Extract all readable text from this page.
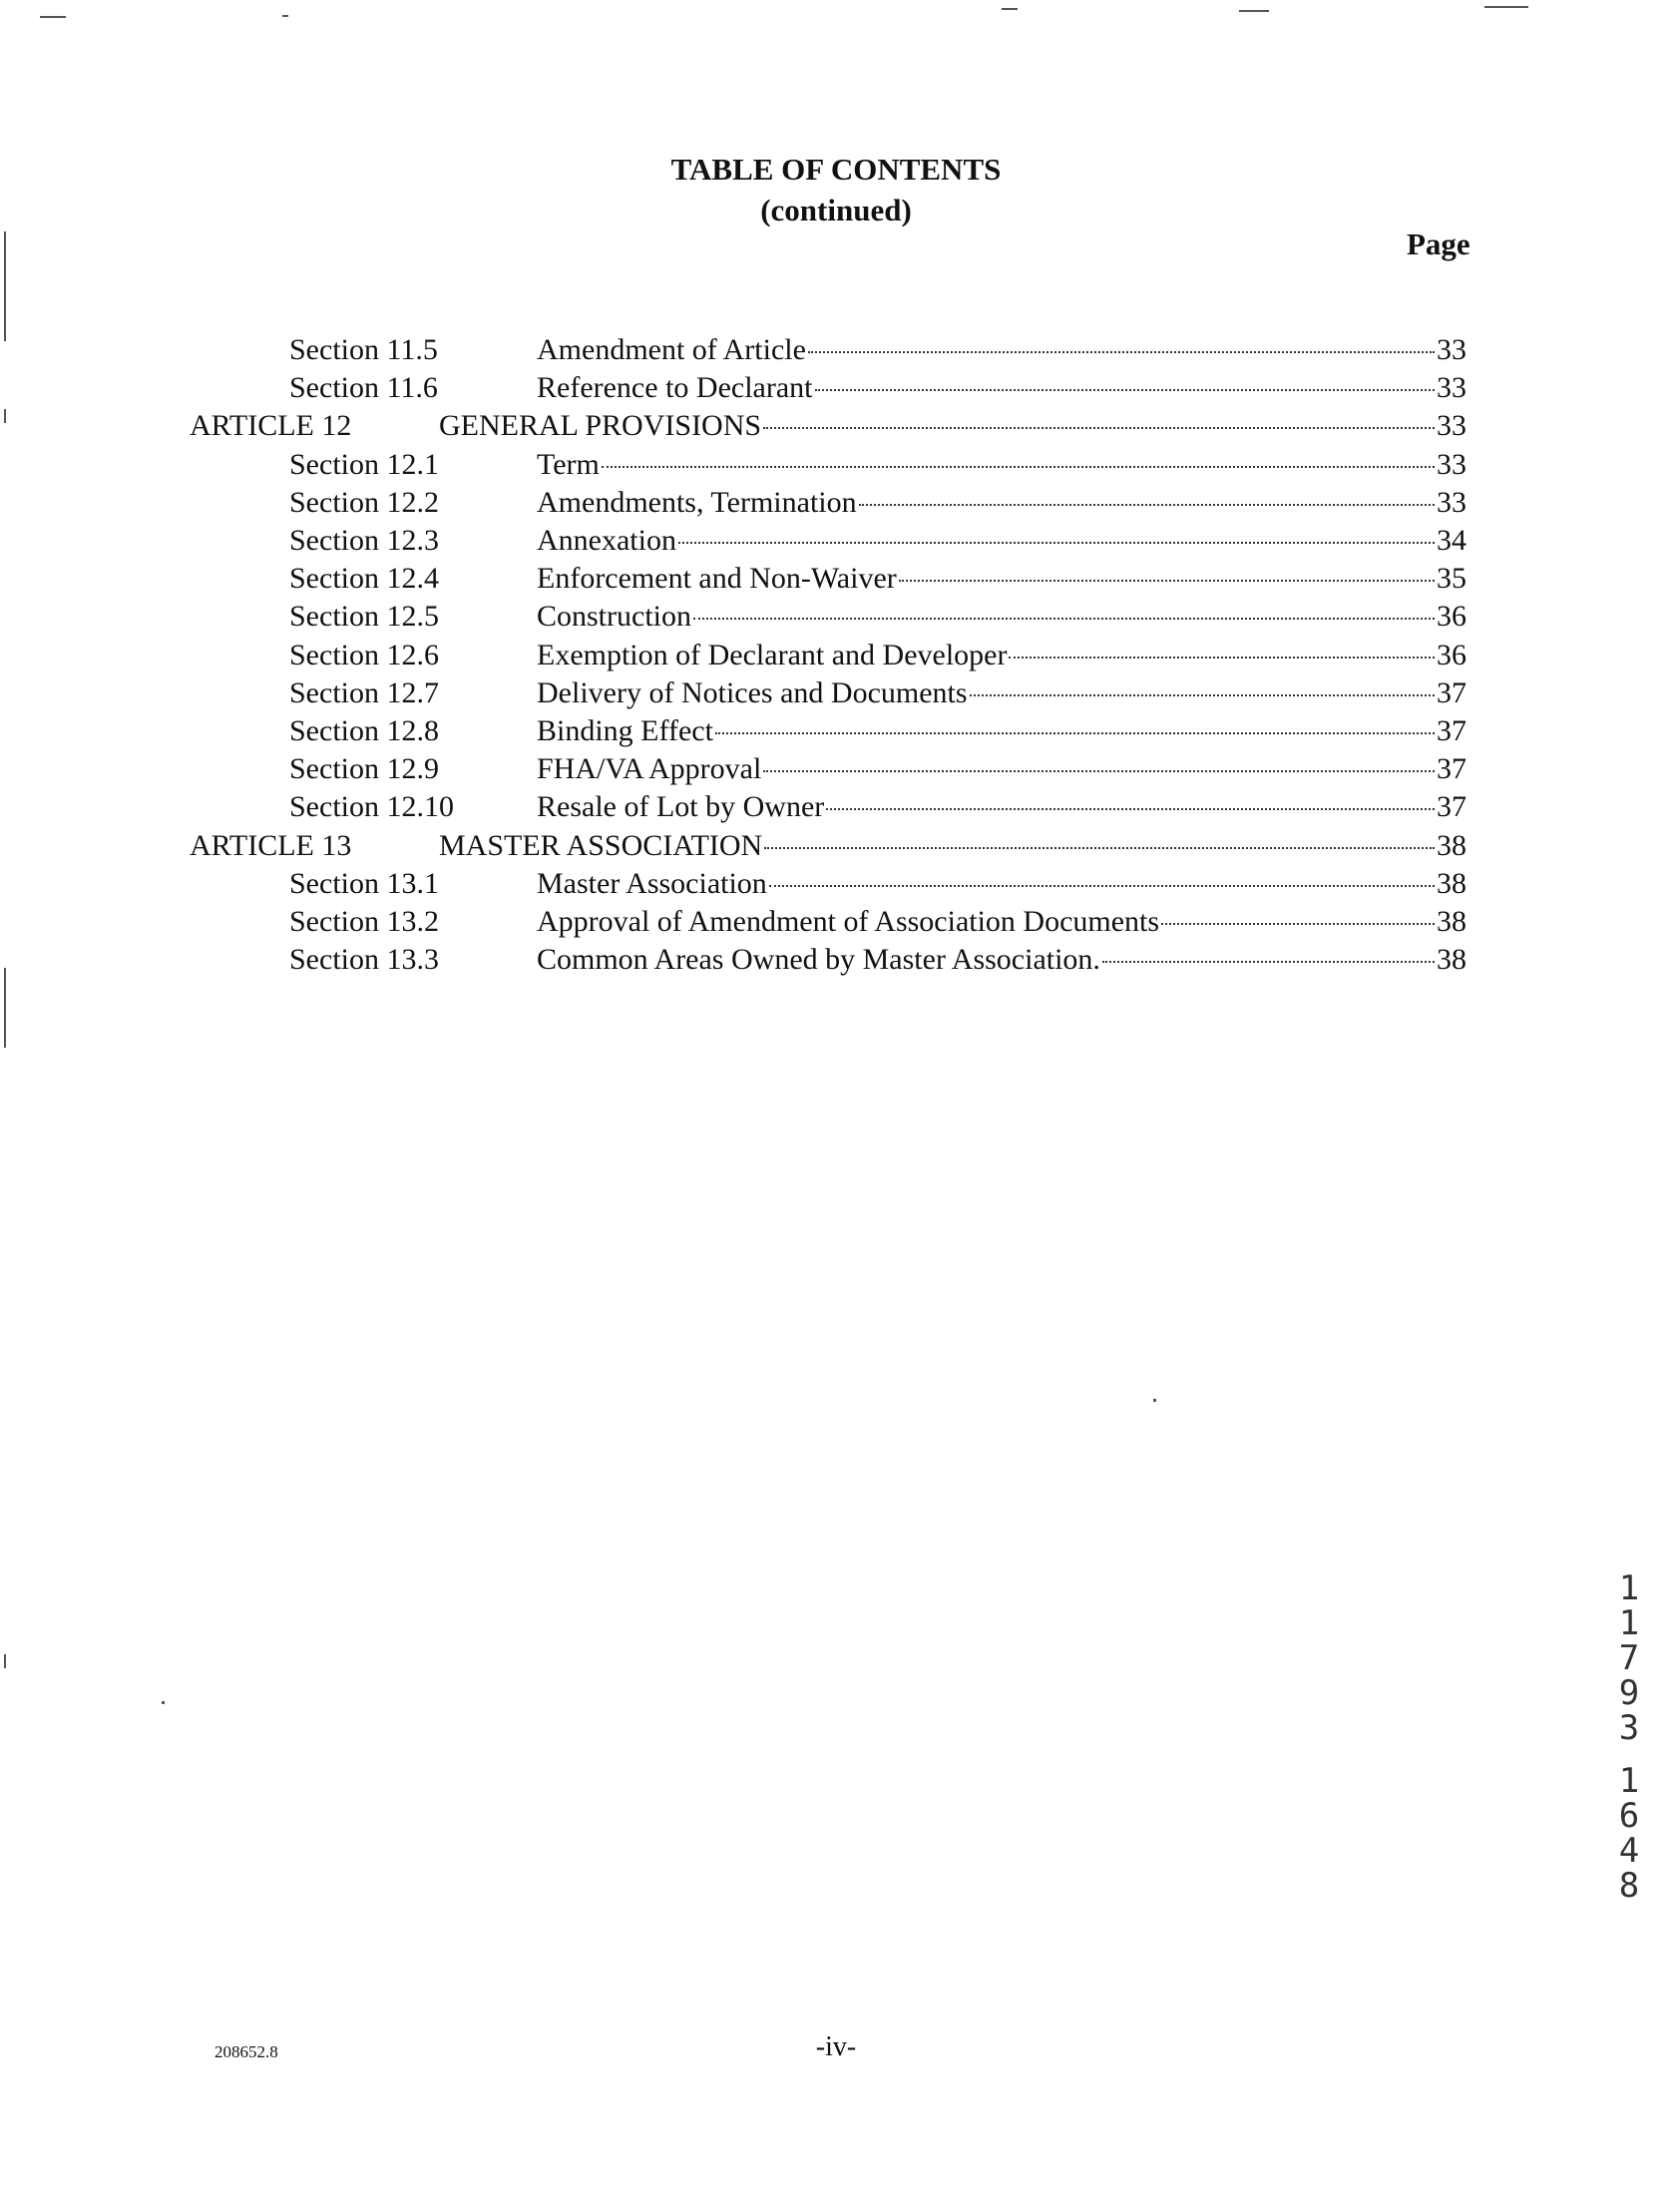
TABLE OF CONTENTS
(continued)
Page
Section 11.5	Amendment of Article	33
Section 11.6	Reference to Declarant	33
ARTICLE 12	GENERAL PROVISIONS	33
Section 12.1	Term	33
Section 12.2	Amendments, Termination	33
Section 12.3	Annexation	34
Section 12.4	Enforcement and Non-Waiver	35
Section 12.5	Construction	36
Section 12.6	Exemption of Declarant and Developer	36
Section 12.7	Delivery of Notices and Documents	37
Section 12.8	Binding Effect	37
Section 12.9	FHA/VA Approval	37
Section 12.10	Resale of Lot by Owner	37
ARTICLE 13	MASTER ASSOCIATION	38
Section 13.1	Master Association	38
Section 13.2	Approval of Amendment of Association Documents	38
Section 13.3	Common Areas Owned by Master Association.	38
208652.8	-iv-
1
1
7
9
3
1
6
4
8
